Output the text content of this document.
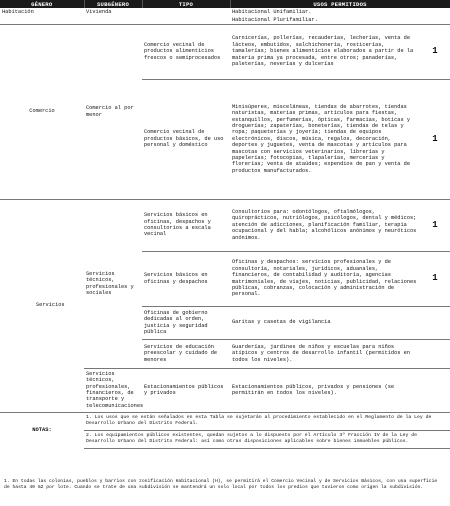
GÉNERO	SUBGÉNERO	TIPO	USOS PERMITIDOS	
Habitación	Vivienda		Habitacional Unifamiliar.	
			Habitacional Plurifamiliar.	
Comercio	Comercio al por menor	Comercio vecinal de productos alimenticios frescos o semiprocesados	Carnicerías, pollerías, recauderías, lecherías, venta de lácteos, embutidos, salchichonería, rosticerías, tamalerías; bienes alimenticios elaborados a partir de la materia prima ya procesada, entre otros; panaderías, paleterías, neverías y dulcerías	1
		Comercio vecinal de productos básicos, de uso personal y doméstico	Minisúperes, misceláneas, tiendas de abarrotes, tiendas naturistas, materias primas, artículos para fiestas, estanquillos, perfumerías, ópticas, farmacias, boticas y droguerías; zapaterías, boneterías, tiendas de telas y ropa; paqueterías y joyería; tiendas de equipos electrónicos, discos, música, regalos, decoración, deportes y juguetes, venta de mascotas y artículos para mascotas con servicios veterinarios, librerías y papelerías; fotocopias, tlapalerías, mercerías y florerías; venta de ataúdes; expendios de pan y venta de productos manufacturados.	1
Servicios	Servicios técnicos, profesionales y sociales	Servicios básicos en oficinas, despachos y consultorios a escala vecinal	Consultorios para: odontólogos, oftalmólogos, quiroprácticos, nutriólogos, psicólogos, dental y médicos; atención de adicciones, planificación familiar, terapia ocupacional y del habla; alcohólicos anónimos y neuróticos anónimos.	1
		Servicios básicos en oficinas y despachos	Oficinas y despachos: servicios profesionales y de consultoría, notariales, jurídicos, aduanales, financieros, de contabilidad y auditoría, agencias matrimoniales, de viajes, noticias, publicidad, relaciones públicas, cobranzas, colocación y administración de personal.	1
		Oficinas de gobierno dedicadas al orden, justicia y seguridad pública	Garitas y casetas de vigilancia	
		Servicios de educación preescolar y cuidado de menores	Guarderías, jardines de niños y escuelas para niños atípicos y centros de desarrollo infantil (permitidos en todos los niveles).	
	Servicios técnicos, profesionales, financieros, de transporte y telecomunicaciones	Estacionamientos públicos y privados	Estacionamientos públicos, privados y pensiones (se permitirán en todos los niveles).	
NOTAS:	1. Los usos que se están señalados en esta Tabla se sujetarán al procedimiento establecido en el Reglamento de la Ley de Desarrollo Urbano del Distrito Federal.			
	2. Los equipamientos públicos existentes, quedan sujetos a lo dispuesto por el Artículo 3º Fracción IV de la Ley de Desarrollo Urbano del Distrito Federal: así como otras disposiciones aplicables sobre bienes inmuebles públicos.			
1. En todas las colonias, pueblos y barrios con zonificación Habitacional (H), se permitirá el Comercio Vecinal y de Servicios Básicos, con una superficie de hasta 40 m2 por lote. Cuando se trate de una subdivisión se mantendrá un solo local por todos los predios que tuvieron como origen la subdivisión.
